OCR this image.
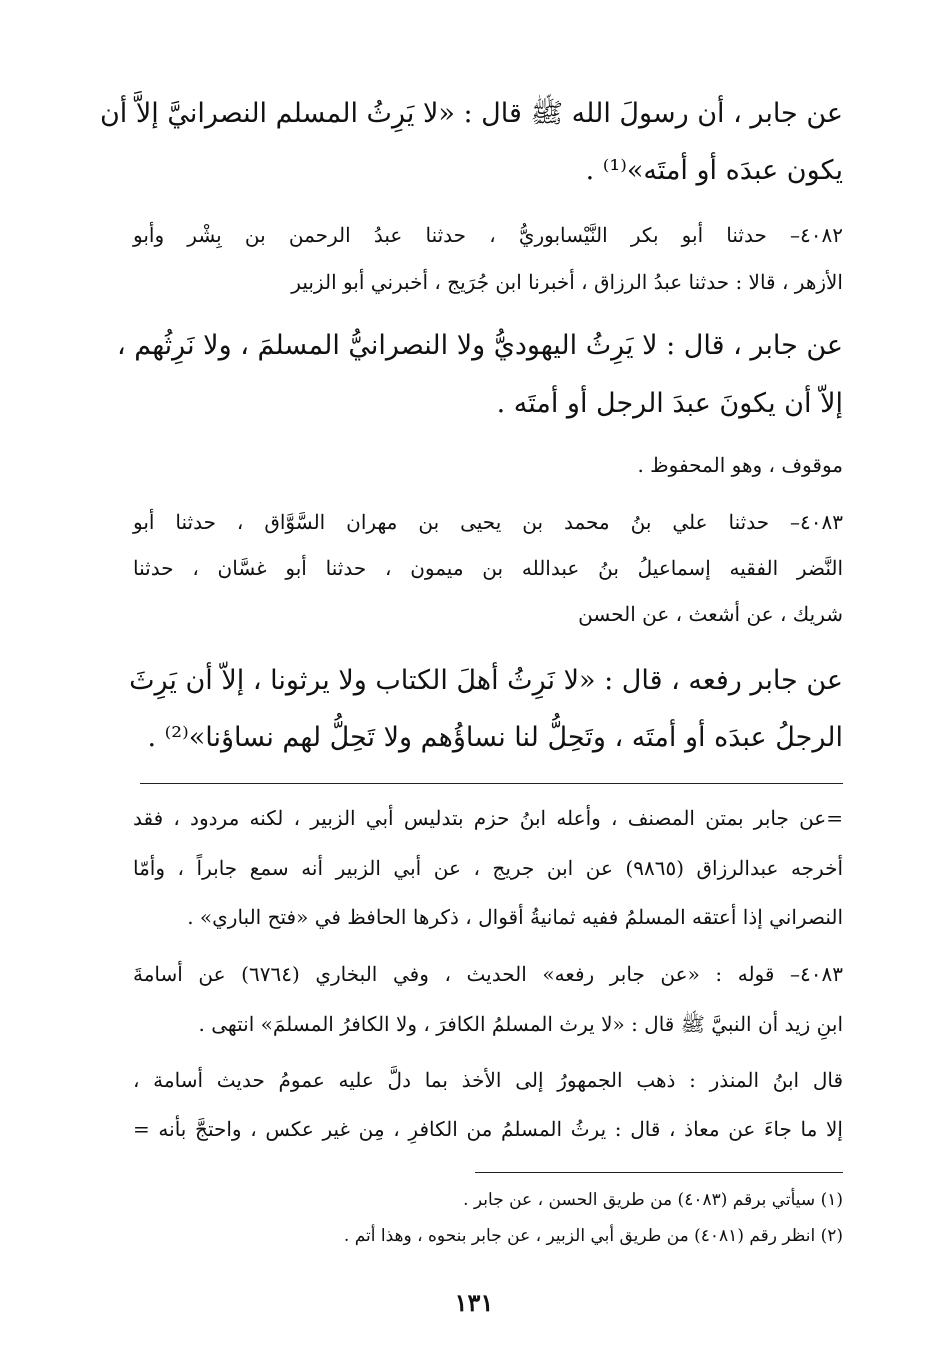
عن جابر ، أن رسولَ الله ﷺ قال : «لا يَرِثُ المسلم النصرانيَّ إلاَّ أن
يكون عبدَه أو أمتَه»⁽¹⁾ .
٤٠٨٢– حدثنا أبو بكر النَّيْسابوريُّ ، حدثنا عبدُ الرحمن بن بِشْر وأبو
الأزهر ، قالا : حدثنا عبدُ الرزاق ، أخبرنا ابن جُرَيج ، أخبرني أبو الزبير
عن جابر ، قال : لا يَرِثُ اليهوديُّ ولا النصرانيُّ المسلمَ ، ولا نَرِثُهم ،
إلاّ أن يكونَ عبدَ الرجل أو أمتَه .
موقوف ، وهو المحفوظ .
٤٠٨٣– حدثنا علي بنُ محمد بن يحيى بن مهران السَّوَّاق ، حدثنا أبو
النَّضر الفقيه إسماعيلُ بنُ عبدالله بن ميمون ، حدثنا أبو غسَّان ، حدثنا
شريك ، عن أشعث ، عن الحسن
عن جابر رفعه ، قال : «لا نَرِثُ أهلَ الكتاب ولا يرثونا ، إلاّ أن يَرِثَ
الرجلُ عبدَه أو أمتَه ، وتَحِلُّ لنا نساؤُهم ولا تَحِلُّ لهم نساؤنا»⁽²⁾ .
=عن جابر بمتن المصنف ، وأعله ابنُ حزم بتدليس أبي الزبير ، لكنه مردود ، فقد
أخرجه عبدالرزاق (٩٨٦٥) عن ابن جريج ، عن أبي الزبير أنه سمع جابراً ، وأمّا
النصراني إذا أعتقه المسلمُ ففيه ثمانيةُ أقوال ، ذكرها الحافظ في «فتح الباري» .
٤٠٨٣– قوله : «عن جابر رفعه» الحديث ، وفي البخاري (٦٧٦٤) عن أسامةَ
ابنِ زيد أن النبيَّ ﷺ قال : «لا يرث المسلمُ الكافرَ ، ولا الكافرُ المسلمَ» انتهى .
قال ابنُ المنذر : ذهب الجمهورُ إلى الأخذ بما دلَّ عليه عمومُ حديث أسامة ،
إلا ما جاءَ عن معاذ ، قال : يرثُ المسلمُ من الكافرِ ، مِن غير عكس ، واحتجَّ بأنه =
(١) سيأتي برقم (٤٠٨٣) من طريق الحسن ، عن جابر .
(٢) انظر رقم (٤٠٨١) من طريق أبي الزبير ، عن جابر بنحوه ، وهذا أتم .
١٣١
